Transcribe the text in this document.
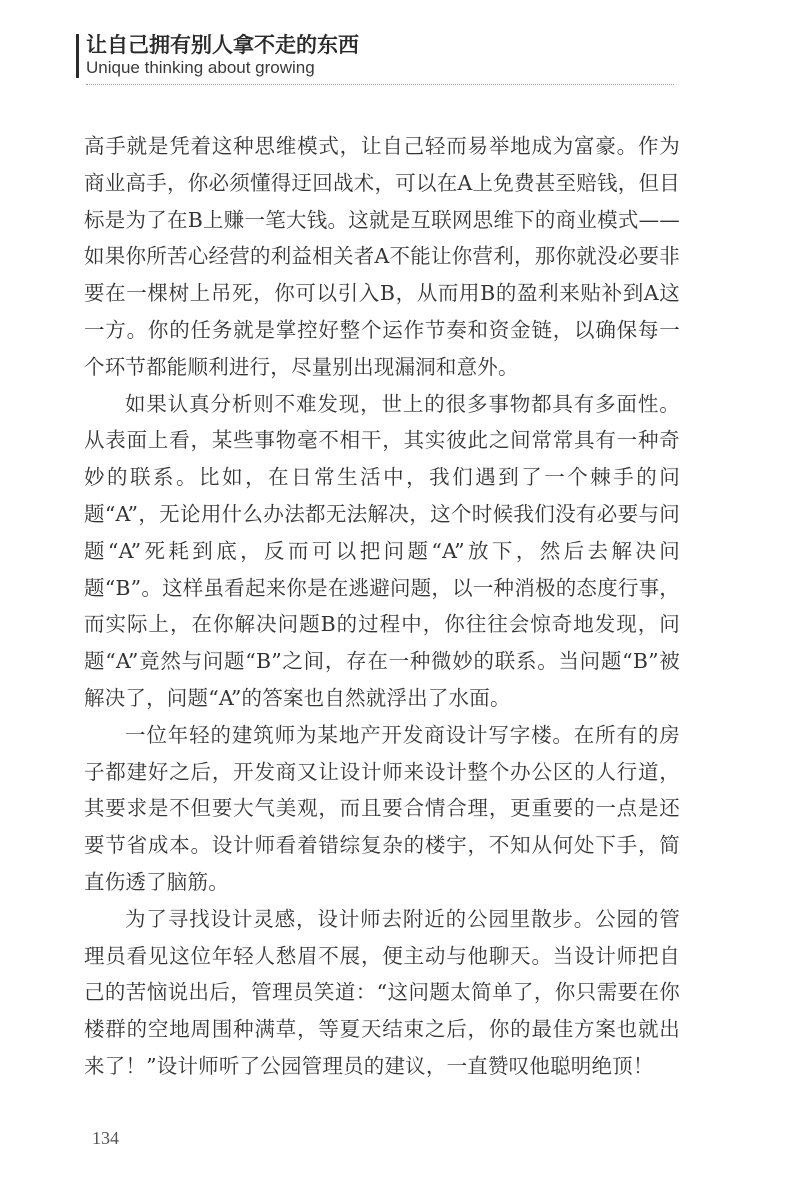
让自己拥有别人拿不走的东西
Unique thinking about growing

高手就是凭着这种思维模式，让自己轻而易举地成为富豪。作为商业高手，你必须懂得迂回战术，可以在A上免费甚至赔钱，但目标是为了在B上赚一笔大钱。这就是互联网思维下的商业模式——如果你所苦心经营的利益相关者A不能让你营利，那你就没必要非要在一棵树上吊死，你可以引入B，从而用B的盈利来贴补到A这一方。你的任务就是掌控好整个运作节奏和资金链，以确保每一个环节都能顺利进行，尽量别出现漏洞和意外。

如果认真分析则不难发现，世上的很多事物都具有多面性。从表面上看，某些事物毫不相干，其实彼此之间常常具有一种奇妙的联系。比如，在日常生活中，我们遇到了一个棘手的问题“A”，无论用什么办法都无法解决，这个时候我们没有必要与问题“A”死耗到底，反而可以把问题“A”放下，然后去解决问题“B”。这样虽看起来你是在逃避问题，以一种消极的态度行事，而实际上，在你解决问题B的过程中，你往往会惊奇地发现，问题“A”竟然与问题“B”之间，存在一种微妙的联系。当问题“B”被解决了，问题“A”的答案也自然就浮出了水面。

一位年轻的建筑师为某地产开发商设计写字楼。在所有的房子都建好之后，开发商又让设计师来设计整个办公区的人行道，其要求是不但要大气美观，而且要合情合理，更重要的一点是还要节省成本。设计师看着错综复杂的楼宇，不知从何处下手，简直伤透了脑筋。

为了寻找设计灵感，设计师去附近的公园里散步。公园的管理员看见这位年轻人愁眉不展，便主动与他聊天。当设计师把自己的苦恼说出后，管理员笑道：“这问题太简单了，你只需要在你楼群的空地周围种满草，等夏天结束之后，你的最佳方案也就出来了！”设计师听了公园管理员的建议，一直赞叹他聪明绝顶！

134
